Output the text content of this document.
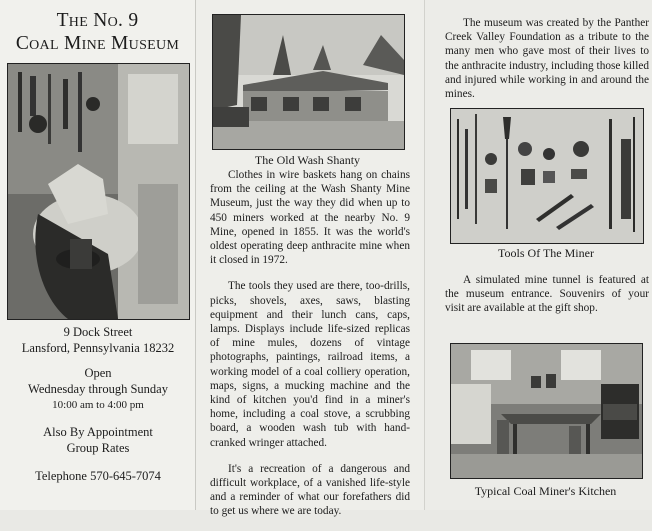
The No. 9
Coal Mine Museum
9 Dock Street
Lansford, Pennsylvania 18232
Open
Wednesday through Sunday
10:00 am to 4:00 pm
Also By Appointment
Group Rates
Telephone 570-645-7074
The Old Wash Shanty

Clothes in wire baskets hang on chains from the ceiling at the Wash Shanty Mine Museum, just the way they did when up to 450 miners worked at the nearby No. 9 Mine, opened in 1855. It was the world's oldest operating deep anthracite mine when it closed in 1972.

The tools they used are there, too-drills, picks, shovels, axes, saws, blasting equipment and their lunch cans, caps, lamps. Displays include life-sized replicas of mine mules, dozens of vintage photographs, paintings, railroad items, a working model of a coal colliery operation, maps, signs, a mucking machine and the kind of kitchen you'd find in a miner's home, including a coal stove, a scrubbing board, a wooden wash tub with hand-cranked wringer attached.

It's a recreation of a dangerous and difficult workplace, of a vanished life-style and a reminder of what our forefathers did to get us where we are today.

The museum was created by the Panther Creek Valley Foundation as a tribute to the many men who gave most of their lives to the anthracite industry, including those killed and injured while working in and around the mines.

Tools Of The Miner

A simulated mine tunnel is featured at the museum entrance. Souvenirs of your visit are available at the gift shop.

Typical Coal Miner's Kitchen
